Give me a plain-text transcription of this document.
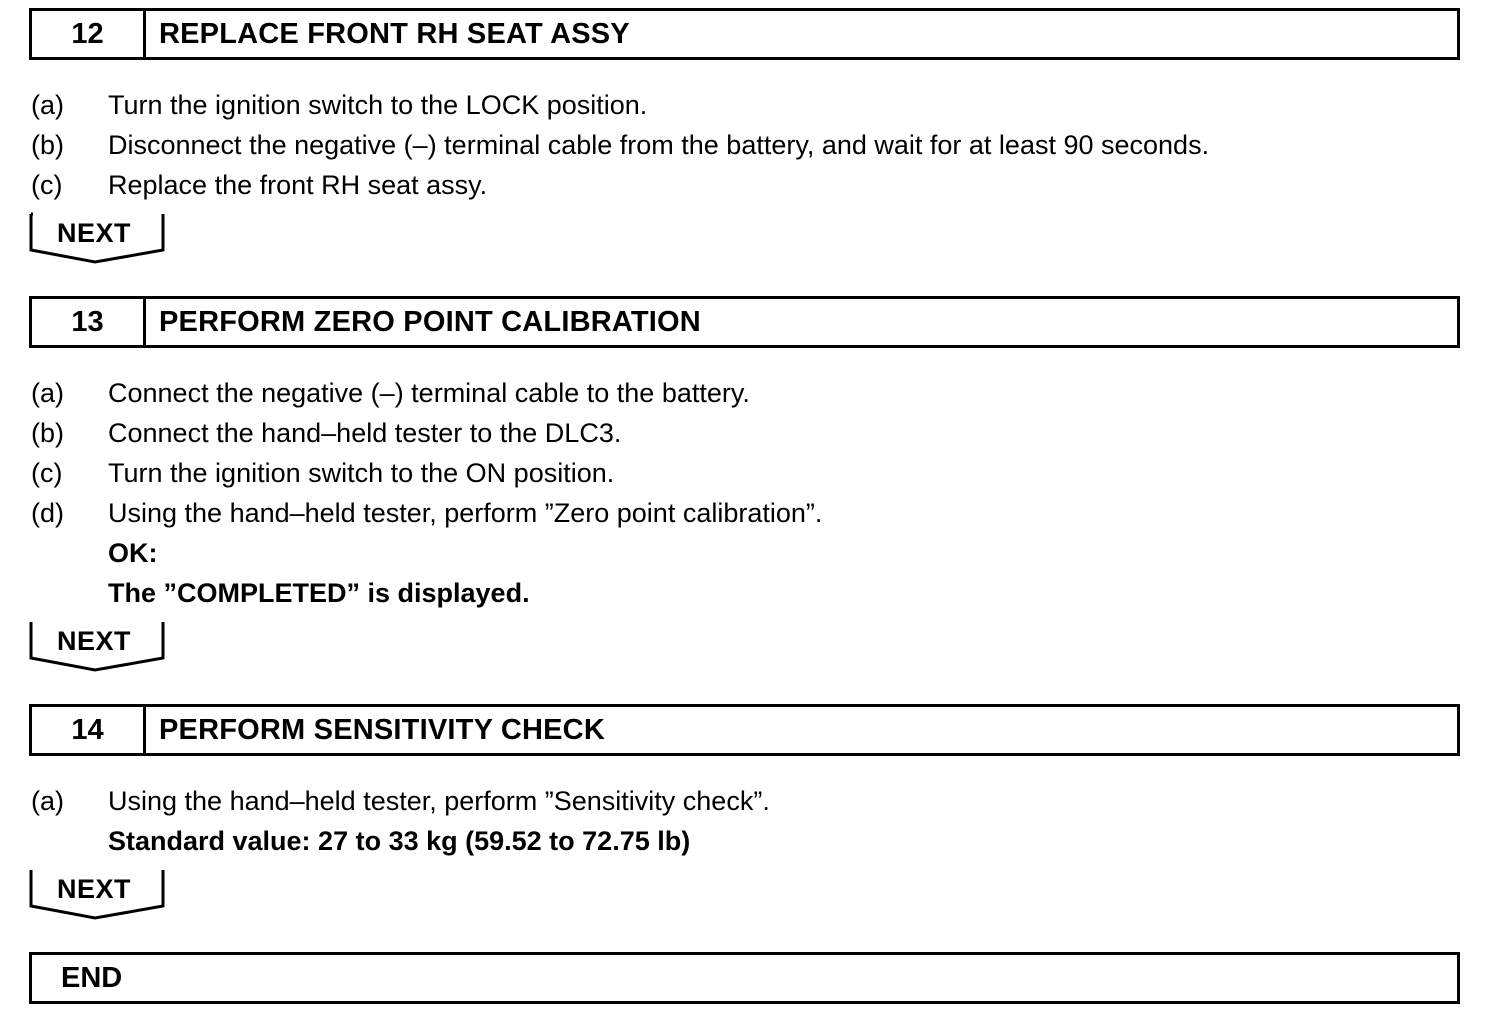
12	REPLACE FRONT RH SEAT ASSY
(a) Turn the ignition switch to the LOCK position.
(b) Disconnect the negative (–) terminal cable from the battery, and wait for at least 90 seconds.
(c) Replace the front RH seat assy.
NEXT
13	PERFORM ZERO POINT CALIBRATION
(a) Connect the negative (–) terminal cable to the battery.
(b) Connect the hand–held tester to the DLC3.
(c) Turn the ignition switch to the ON position.
(d) Using the hand–held tester, perform ”Zero point calibration”.
OK:
The ”COMPLETED” is displayed.
NEXT
14	PERFORM SENSITIVITY CHECK
(a) Using the hand–held tester, perform ”Sensitivity check”.
Standard value: 27 to 33 kg (59.52 to 72.75 lb)
NEXT
END
